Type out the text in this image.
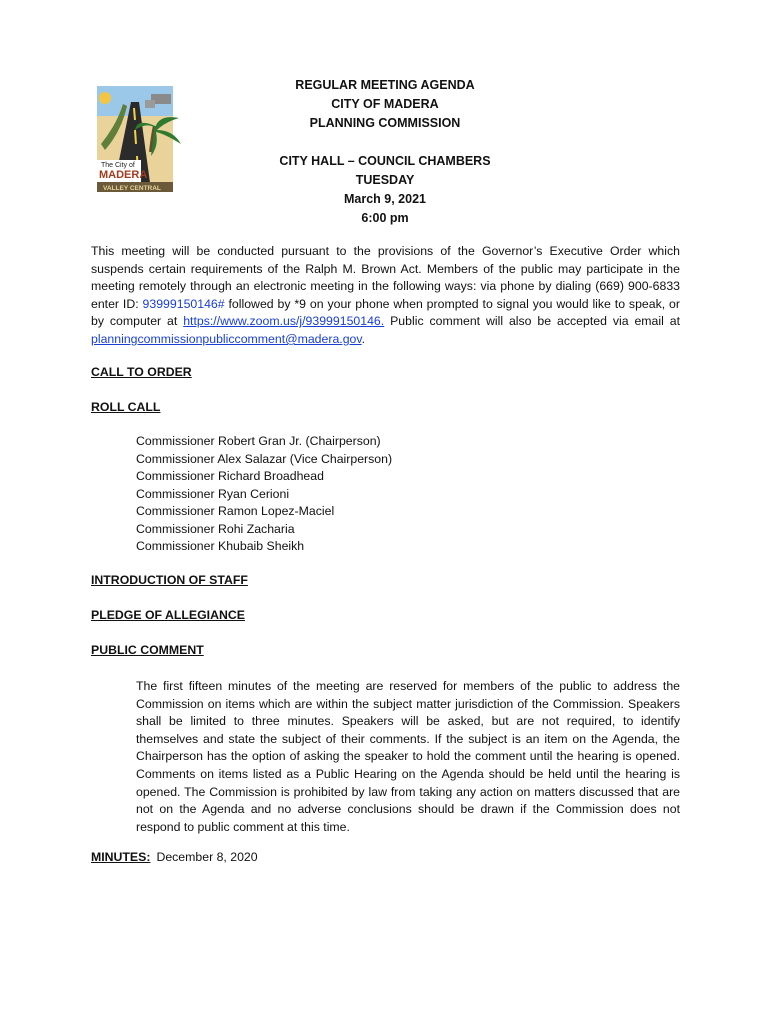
The City of
MADERA
VALLEY CENTRAL
REGULAR MEETING AGENDA
CITY OF MADERA
PLANNING COMMISSION
CITY HALL – COUNCIL CHAMBERS
TUESDAY
March 9, 2021
6:00 pm
This meeting will be conducted pursuant to the provisions of the Governor’s Executive Order which suspends certain requirements of the Ralph M. Brown Act. Members of the public may participate in the meeting remotely through an electronic meeting in the following ways: via phone by dialing (669) 900-6833 enter ID: 93999150146# followed by *9 on your phone when prompted to signal you would like to speak, or by computer at https://www.zoom.us/j/93999150146. Public comment will also be accepted via email at planningcommissionpubliccomment@madera.gov.
CALL TO ORDER
ROLL CALL
Commissioner Robert Gran Jr. (Chairperson)
Commissioner Alex Salazar (Vice Chairperson)
Commissioner Richard Broadhead
Commissioner Ryan Cerioni
Commissioner Ramon Lopez-Maciel
Commissioner Rohi Zacharia
Commissioner Khubaib Sheikh
INTRODUCTION OF STAFF
PLEDGE OF ALLEGIANCE
PUBLIC COMMENT
The first fifteen minutes of the meeting are reserved for members of the public to address the Commission on items which are within the subject matter jurisdiction of the Commission. Speakers shall be limited to three minutes. Speakers will be asked, but are not required, to identify themselves and state the subject of their comments. If the subject is an item on the Agenda, the Chairperson has the option of asking the speaker to hold the comment until the hearing is opened. Comments on items listed as a Public Hearing on the Agenda should be held until the hearing is opened. The Commission is prohibited by law from taking any action on matters discussed that are not on the Agenda and no adverse conclusions should be drawn if the Commission does not respond to public comment at this time.
MINUTES: December 8, 2020
